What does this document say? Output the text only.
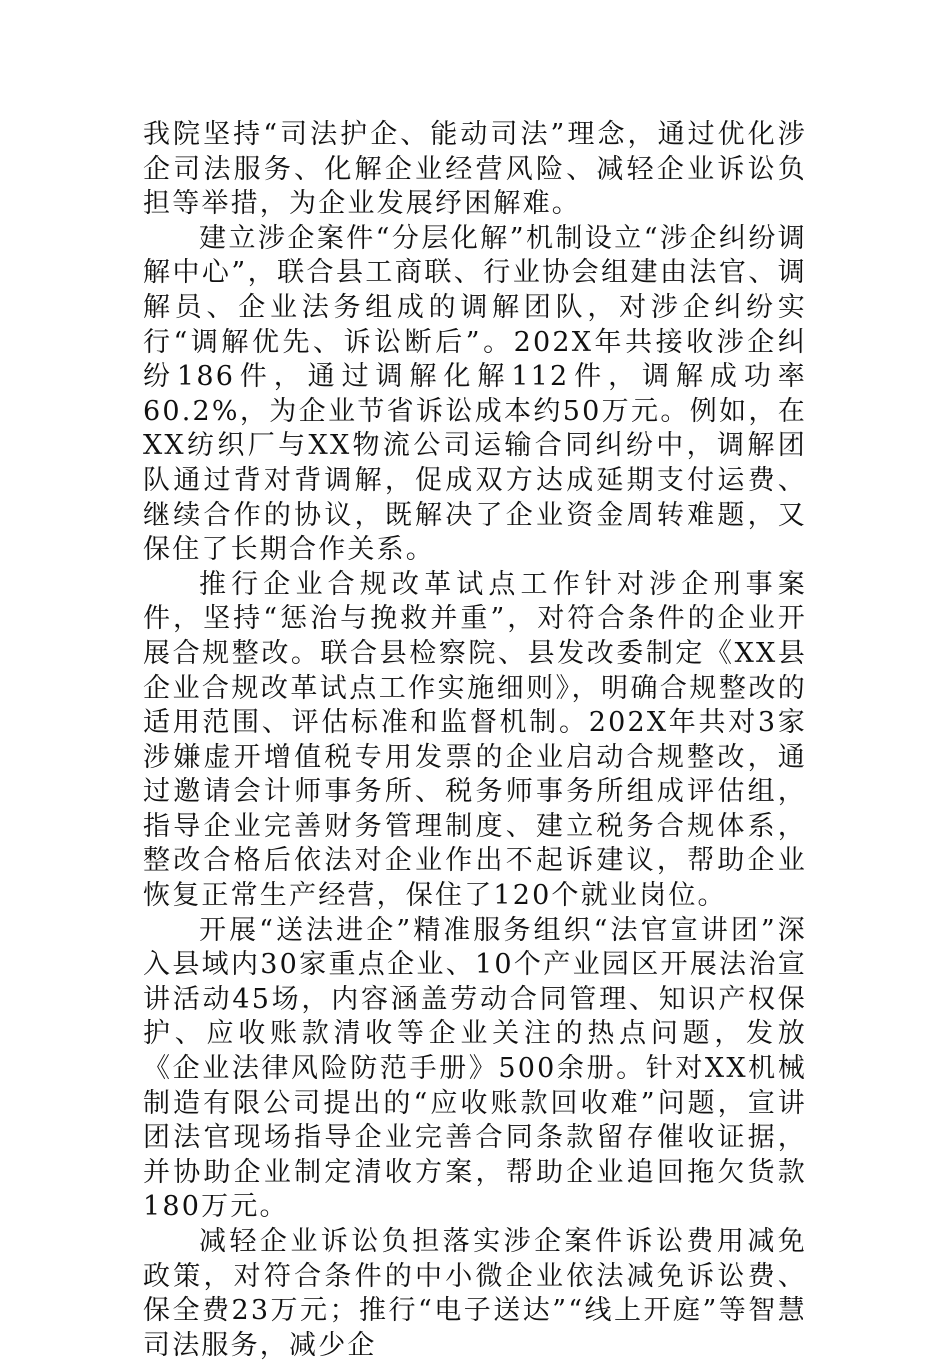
我院坚持“司法护企、能动司法”理念，通过优化涉企司法服务、化解企业经营风险、减轻企业诉讼负担等举措，为企业发展纾困解难。

建立涉企案件“分层化解”机制设立“涉企纠纷调解中心”，联合县工商联、行业协会组建由法官、调解员、企业法务组成的调解团队，对涉企纠纷实行“调解优先、诉讼断后”。202X年共接收涉企纠纷186件，通过调解化解112件，调解成功率60.2%，为企业节省诉讼成本约50万元。例如，在XX纺织厂与XX物流公司运输合同纠纷中，调解团队通过背对背调解，促成双方达成延期支付运费、继续合作的协议，既解决了企业资金周转难题，又保住了长期合作关系。

推行企业合规改革试点工作针对涉企刑事案件，坚持“惩治与挽救并重”，对符合条件的企业开展合规整改。联合县检察院、县发改委制定《XX县企业合规改革试点工作实施细则》，明确合规整改的适用范围、评估标准和监督机制。202X年共对3家涉嫌虚开增值税专用发票的企业启动合规整改，通过邀请会计师事务所、税务师事务所组成评估组，指导企业完善财务管理制度、建立税务合规体系，整改合格后依法对企业作出不起诉建议，帮助企业恢复正常生产经营，保住了120个就业岗位。

开展“送法进企”精准服务组织“法官宣讲团”深入县域内30家重点企业、10个产业园区开展法治宣讲活动45场，内容涵盖劳动合同管理、知识产权保护、应收账款清收等企业关注的热点问题，发放《企业法律风险防范手册》500余册。针对XX机械制造有限公司提出的“应收账款回收难”问题，宣讲团法官现场指导企业完善合同条款留存催收证据，并协助企业制定清收方案，帮助企业追回拖欠货款180万元。

减轻企业诉讼负担落实涉企案件诉讼费用减免政策，对符合条件的中小微企业依法减免诉讼费、保全费23万元；推行“电子送达”“线上开庭”等智慧司法服务，减少企
